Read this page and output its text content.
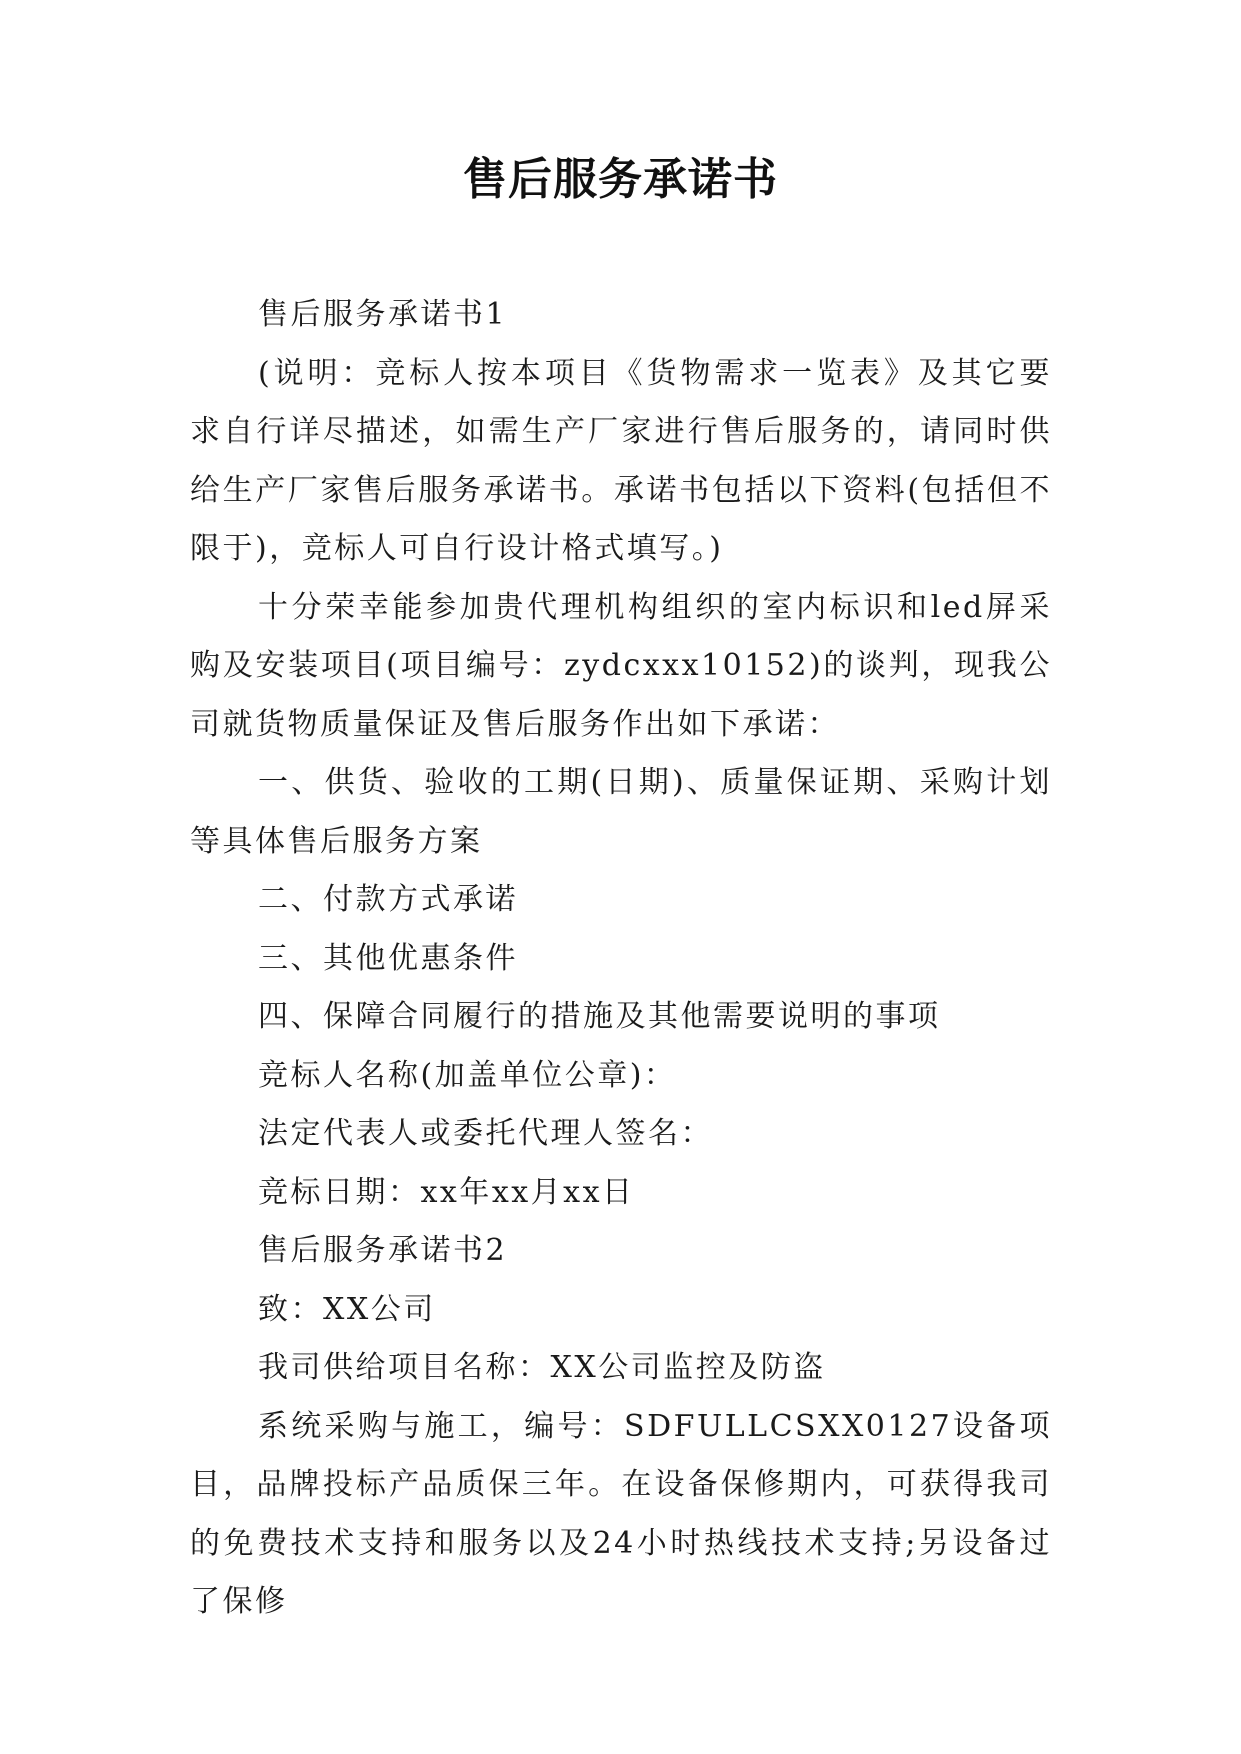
售后服务承诺书

售后服务承诺书1

(说明：竞标人按本项目《货物需求一览表》及其它要求自行详尽描述，如需生产厂家进行售后服务的，请同时供给生产厂家售后服务承诺书。承诺书包括以下资料(包括但不限于)，竞标人可自行设计格式填写。)

十分荣幸能参加贵代理机构组织的室内标识和led屏采购及安装项目(项目编号：zydcxxx10152)的谈判，现我公司就货物质量保证及售后服务作出如下承诺：

一、供货、验收的工期(日期)、质量保证期、采购计划等具体售后服务方案

二、付款方式承诺

三、其他优惠条件

四、保障合同履行的措施及其他需要说明的事项

竞标人名称(加盖单位公章)：

法定代表人或委托代理人签名：

竞标日期：xx年xx月xx日

售后服务承诺书2

致：XX公司

我司供给项目名称：XX公司监控及防盗

系统采购与施工，编号：SDFULLCSXX0127设备项目，品牌投标产品质保三年。在设备保修期内，可获得我司的免费技术支持和服务以及24小时热线技术支持;另设备过了保修
